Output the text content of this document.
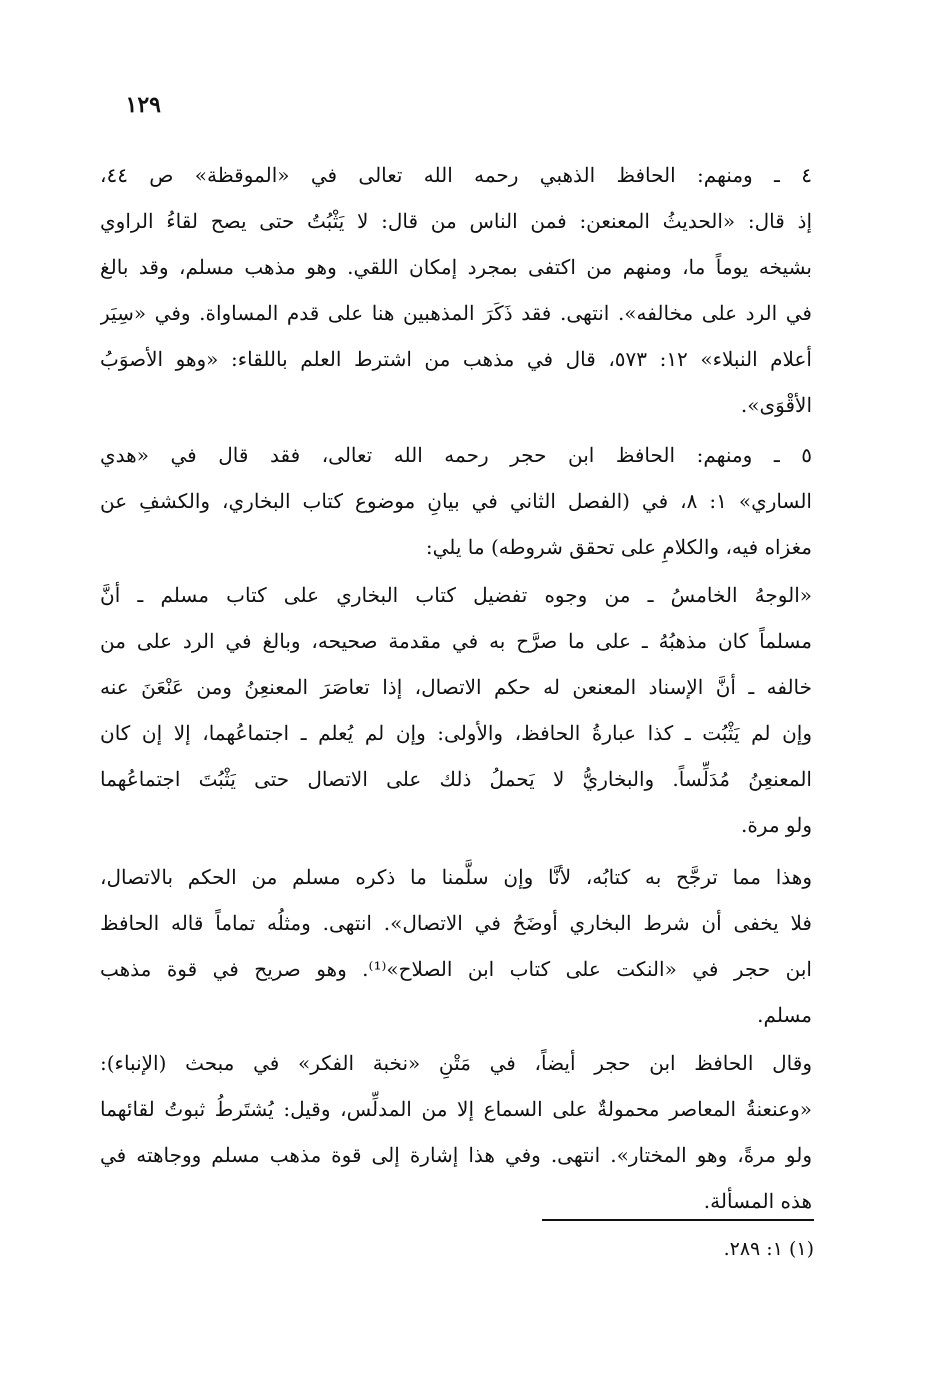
١٢٩
٤ ـ ومنهم: الحافظ الذهبي رحمه الله تعالى في «الموقظة» ص ٤٤،
إذ قال: «الحديثُ المعنعن: فمن الناس من قال: لا يَثْبُتُ حتى يصح لقاءُ الراوي
بشيخه يوماً ما، ومنهم من اكتفى بمجرد إمكان اللقي. وهو مذهب مسلم، وقد بالغ
في الرد على مخالفه». انتهى. فقد ذَكَرَ المذهبين هنا على قدم المساواة. وفي «سِيَر
أعلام النبلاء» ١٢: ٥٧٣، قال في مذهب من اشترط العلم باللقاء: «وهو الأصوَبُ
الأقْوَى».
٥ ـ ومنهم: الحافظ ابن حجر رحمه الله تعالى، فقد قال في «هدي
الساري» ١: ٨، في (الفصل الثاني في بيانِ موضوع كتاب البخاري، والكشفِ عن
مغزاه فيه، والكلامِ على تحقق شروطه) ما يلي:
«الوجهُ الخامسُ ـ من وجوه تفضيل كتاب البخاري على كتاب مسلم ـ أنَّ
مسلماً كان مذهبُهُ ـ على ما صرَّح به في مقدمة صحيحه، وبالغ في الرد على من
خالفه ـ أنَّ الإسناد المعنعن له حكم الاتصال، إذا تعاصَرَ المعنعِنُ ومن عَنْعَنَ عنه
وإن لم يَثْبُت ـ كذا عبارةُ الحافظ، والأولى: وإن لم يُعلم ـ اجتماعُهما، إلا إن كان
المعنعِنُ مُدَلِّساً. والبخاريُّ لا يَحملُ ذلك على الاتصال حتى يَثْبُتَ اجتماعُهما
ولو مرة.
وهذا مما ترجَّح به كتابُه، لأنَّا وإن سلَّمنا ما ذكره مسلم من الحكم بالاتصال،
فلا يخفى أن شرط البخاري أوضَحُ في الاتصال». انتهى. ومثلُه تماماً قاله الحافظ
ابن حجر في «النكت على كتاب ابن الصلاح»⁽¹⁾. وهو صريح في قوة مذهب
مسلم.
وقال الحافظ ابن حجر أيضاً، في مَتْنِ «نخبة الفكر» في مبحث (الإنباء):
«وعنعنةُ المعاصر محمولةٌ على السماع إلا من المدلِّس، وقيل: يُشتَرطُ ثبوتُ لقائهما
ولو مرةً، وهو المختار». انتهى. وفي هذا إشارة إلى قوة مذهب مسلم ووجاهته في
هذه المسألة.
(١) ١: ٢٨٩.
